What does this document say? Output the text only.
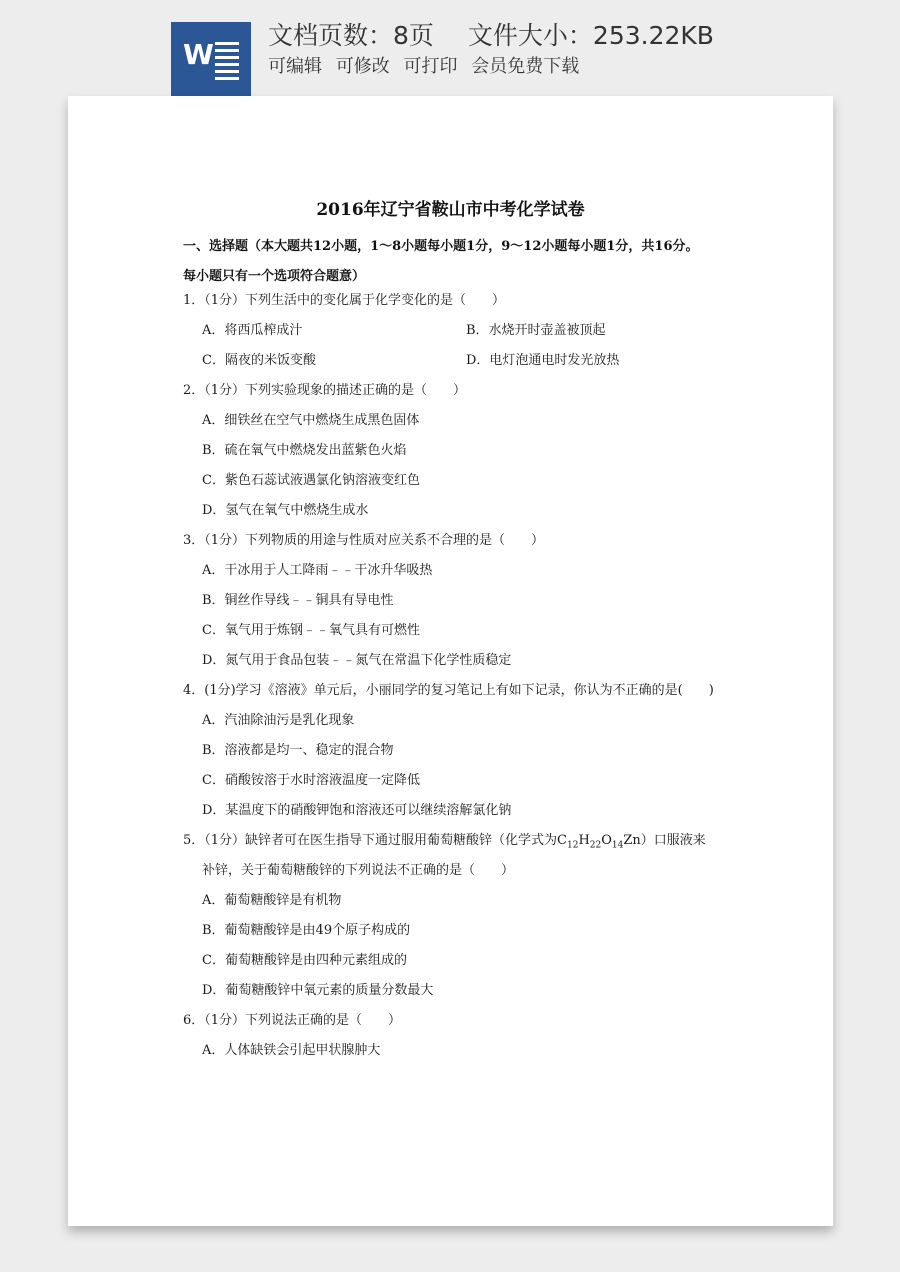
W
文档页数：8页 文件大小：253.22KB
可编辑 可修改 可打印 会员免费下载
2016年辽宁省鞍山市中考化学试卷
一、选择题（本大题共12小题，1～8小题每小题1分，9～12小题每小题1分，共16分。
每小题只有一个选项符合题意）
1．（1分）下列生活中的变化属于化学变化的是（　　）
A．将西瓜榨成汁	B．水烧开时壶盖被顶起
C．隔夜的米饭变酸	D．电灯泡通电时发光放热
2．（1分）下列实验现象的描述正确的是（　　）
A．细铁丝在空气中燃烧生成黑色固体
B．硫在氧气中燃烧发出蓝紫色火焰
C．紫色石蕊试液遇氯化钠溶液变红色
D．氢气在氧气中燃烧生成水
3．（1分）下列物质的用途与性质对应关系不合理的是（　　）
A．干冰用于人工降雨﹣﹣干冰升华吸热
B．铜丝作导线﹣﹣铜具有导电性
C．氧气用于炼钢﹣﹣氧气具有可燃性
D．氮气用于食品包装﹣﹣氮气在常温下化学性质稳定
4．(1分)学习《溶液》单元后，小丽同学的复习笔记上有如下记录，你认为不正确的是(　　)
A．汽油除油污是乳化现象
B．溶液都是均一、稳定的混合物
C．硝酸铵溶于水时溶液温度一定降低
D．某温度下的硝酸钾饱和溶液还可以继续溶解氯化钠
5．（1分）缺锌者可在医生指导下通过服用葡萄糖酸锌（化学式为$C_{12}H_{22}O_{14}Zn$）口服液来
补锌，关于葡萄糖酸锌的下列说法不正确的是（　　）
A．葡萄糖酸锌是有机物
B．葡萄糖酸锌是由49个原子构成的
C．葡萄糖酸锌是由四种元素组成的
D．葡萄糖酸锌中氧元素的质量分数最大
6．（1分）下列说法正确的是（　　）
A．人体缺铁会引起甲状腺肿大
